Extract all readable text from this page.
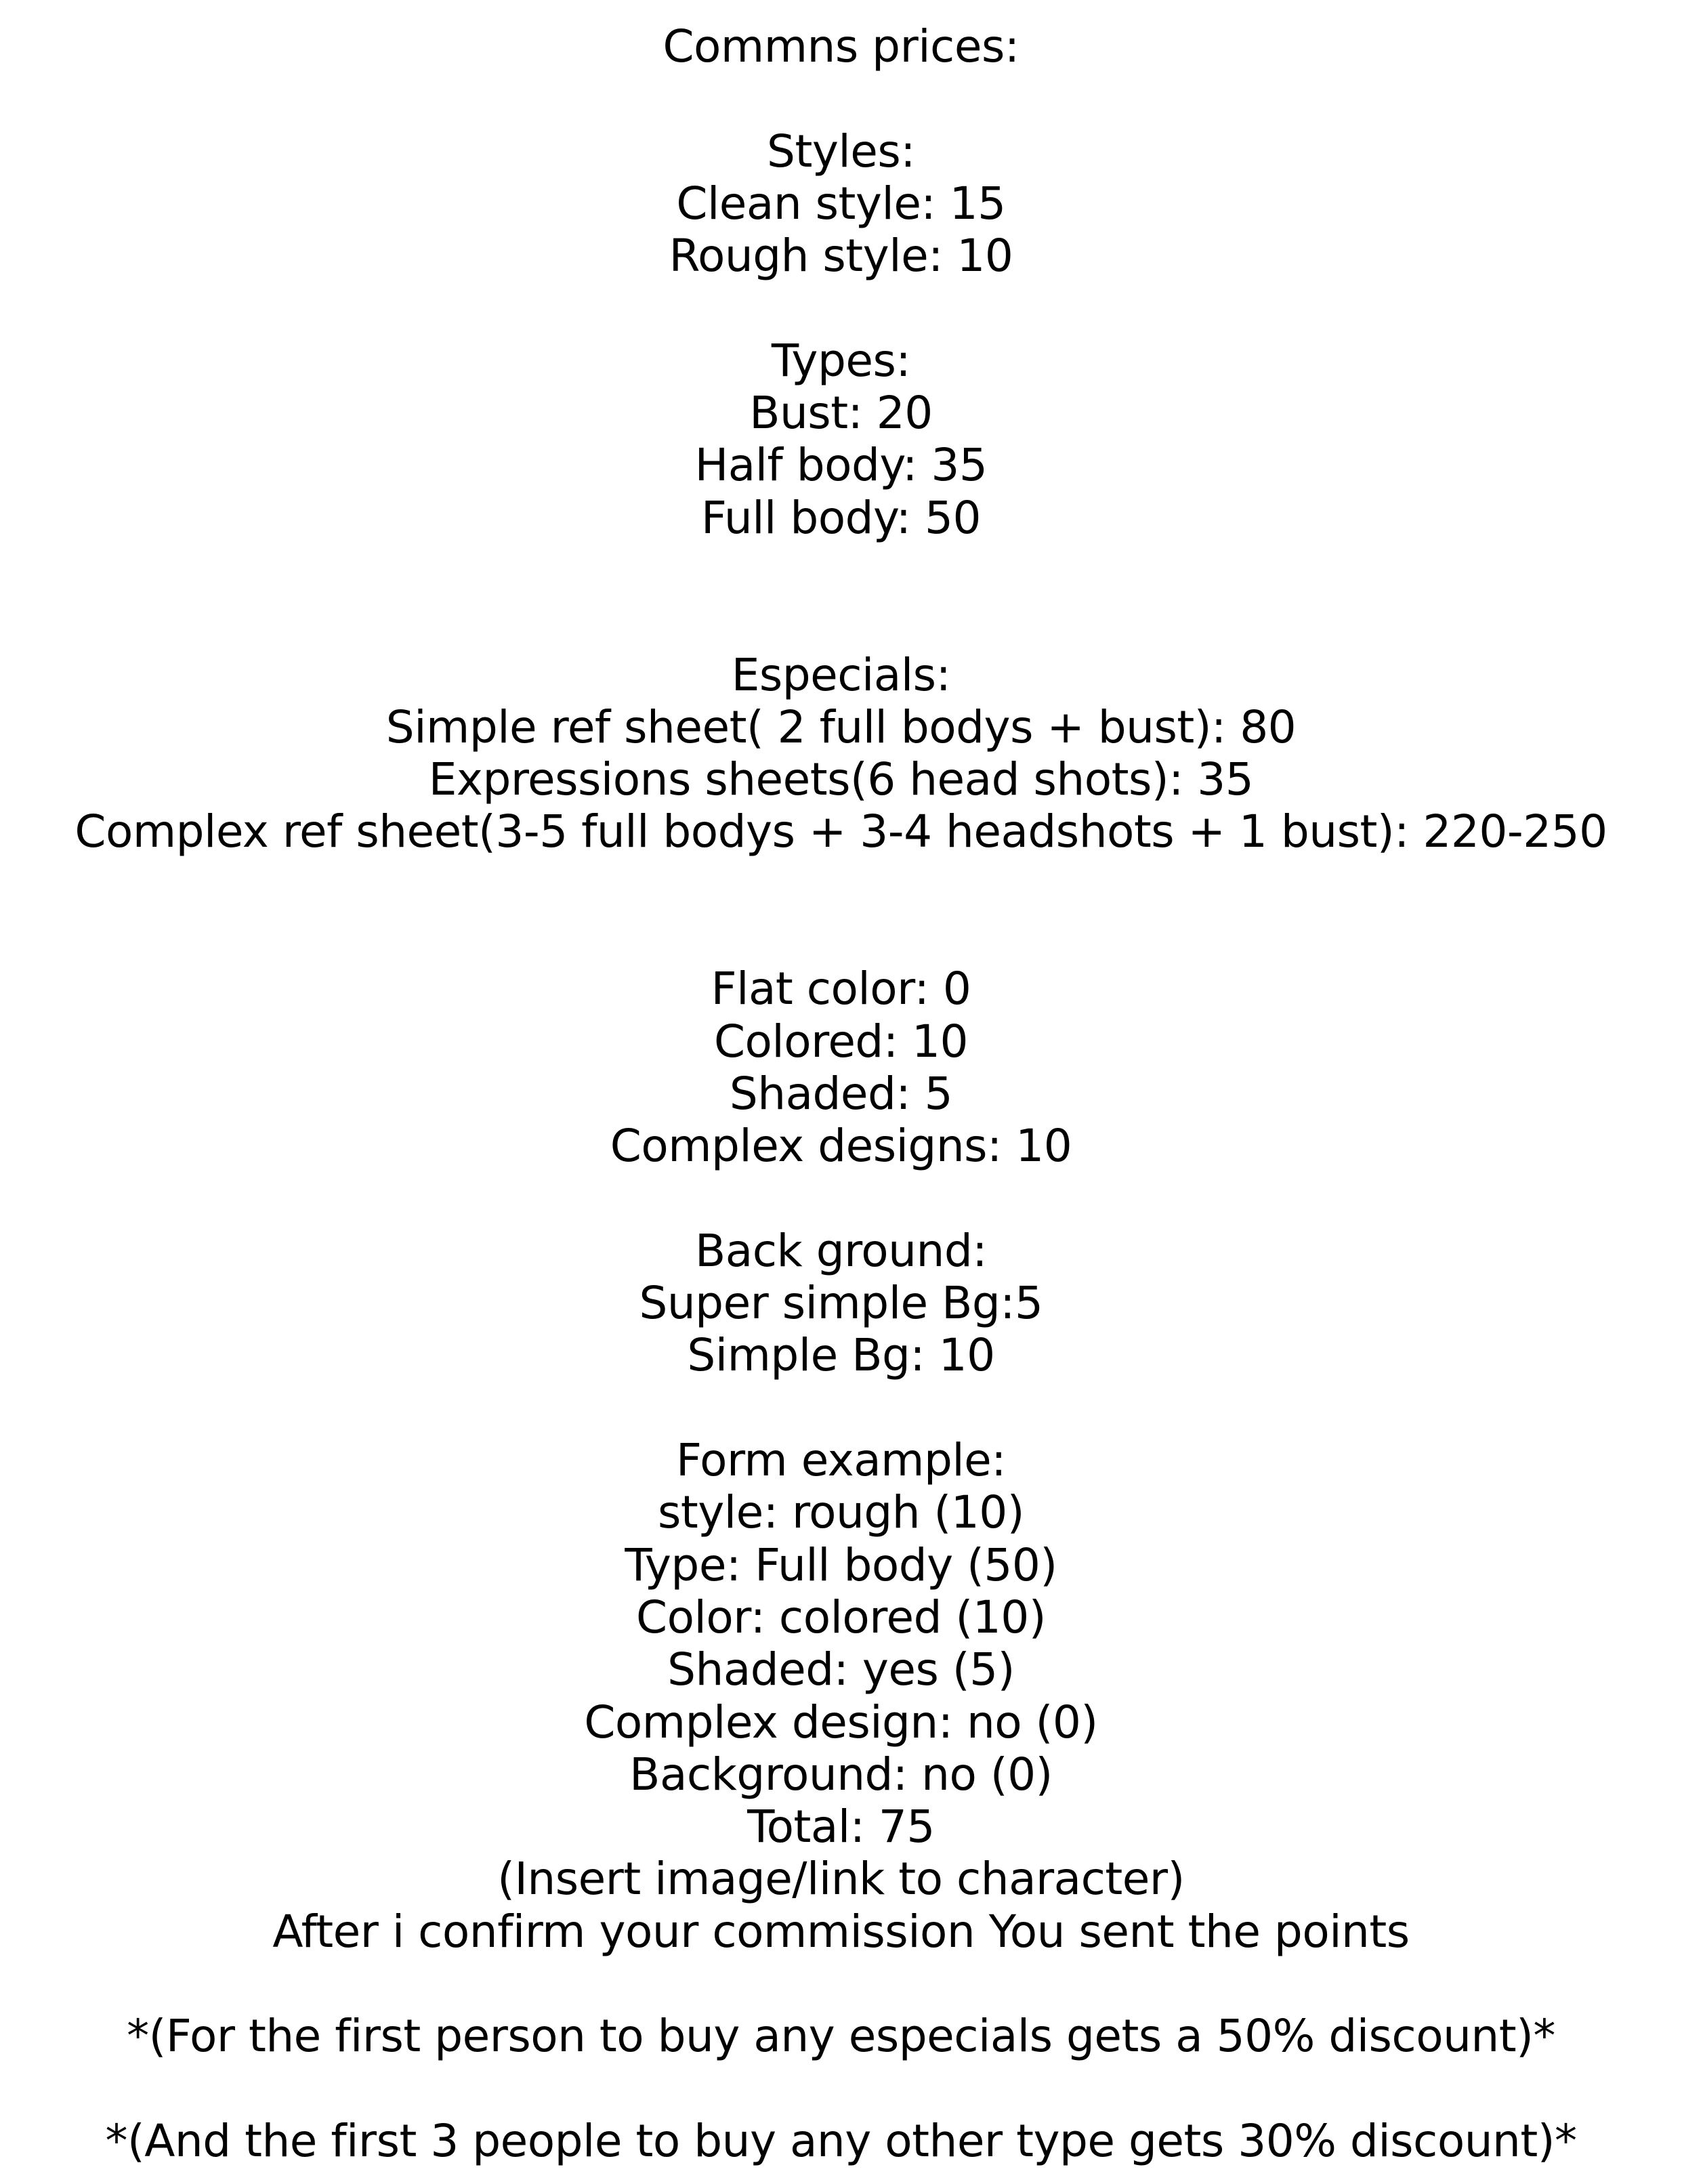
Commns prices:
Styles:
Clean style: 15
Rough style: 10
Types:
Bust: 20
Half body: 35
Full body: 50
Especials:
Simple ref sheet( 2 full bodys + bust): 80
Expressions sheets(6 head shots): 35
Complex ref sheet(3-5 full bodys + 3-4 headshots + 1 bust): 220-250
Flat color: 0
Colored: 10
Shaded: 5
Complex designs: 10
Back ground:
Super simple Bg:5
Simple Bg: 10
Form example:
style: rough (10)
Type: Full body (50)
Color: colored (10)
Shaded: yes (5)
Complex design: no (0)
Background: no (0)
Total: 75
(Insert image/link to character)
After i confirm your commission You sent the points
*(For the first person to buy any especials gets a 50% discount)*
*(And the first 3 people to buy any other type gets 30% discount)*
